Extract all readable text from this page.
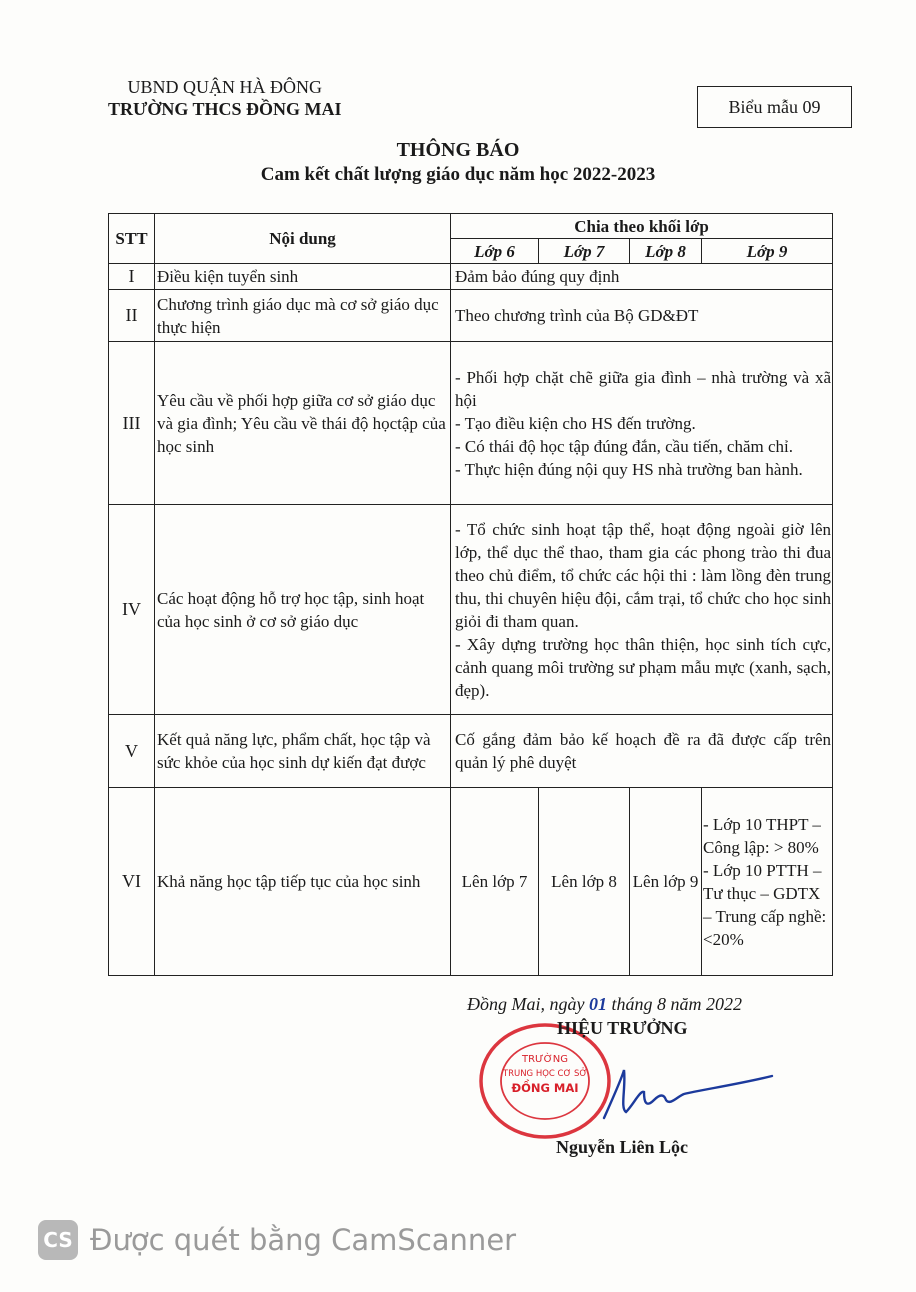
UBND QUẬN HÀ ĐÔNG
TRƯỜNG THCS ĐỒNG MAI	Biểu mẫu 09
THÔNG BÁO
Cam kết chất lượng giáo dục năm học 2022-2023
STT	Nội dung	Chia theo khối lớp			
		Lớp 6	Lớp 7	Lớp 8	Lớp 9
I	Điều kiện tuyển sinh	Đảm bảo đúng quy định			
II	Chương trình giáo dục mà cơ sở giáo dục thực hiện	Theo chương trình của Bộ GD&ĐT			
III	Yêu cầu về phối hợp giữa cơ sở giáo dục và gia đình; Yêu cầu về thái độ họctập của học sinh	- Phối hợp chặt chẽ giữa gia đình – nhà trường và xã hội
- Tạo điều kiện cho HS đến trường.
- Có thái độ học tập đúng đắn, cầu tiến, chăm chỉ.
- Thực hiện đúng nội quy HS nhà trường ban hành.			

IV	Các hoạt động hỗ trợ học tập, sinh hoạt của học sinh ở cơ sở giáo dục	- Tổ chức sinh hoạt tập thể, hoạt động ngoài giờ lên lớp, thể dục thể thao, tham gia các phong trào thi đua theo chủ điểm, tổ chức các hội thi : làm lồng đèn trung thu, thi chuyên hiệu đội, cắm trại, tổ chức cho học sinh giỏi đi tham quan.
- Xây dựng trường học thân thiện, học sinh tích cực, cảnh quang môi trường sư phạm mẫu mực (xanh, sạch, đẹp).			

V	Kết quả năng lực, phẩm chất, học tập và sức khỏe của học sinh dự kiến đạt được	Cố gắng đảm bảo kế hoạch đề ra đã được cấp trên quản lý phê duyệt			
VI	Khả năng học tập tiếp tục của học sinh	Lên lớp 7	Lên lớp 8	Lên lớp 9	- Lớp 10 THPT – Công lập: > 80%
- Lớp 10 PTTH – Tư thục – GDTX – Trung cấp nghề: <20%
Đồng Mai, ngày 01 tháng 8 năm 2022
TRƯỜNG
TRUNG HỌC CƠ SỞ
ĐỒNG MAI
HIỆU TRƯỞNG
Nguyễn Liên Lộc
CS Được quét bằng CamScanner
